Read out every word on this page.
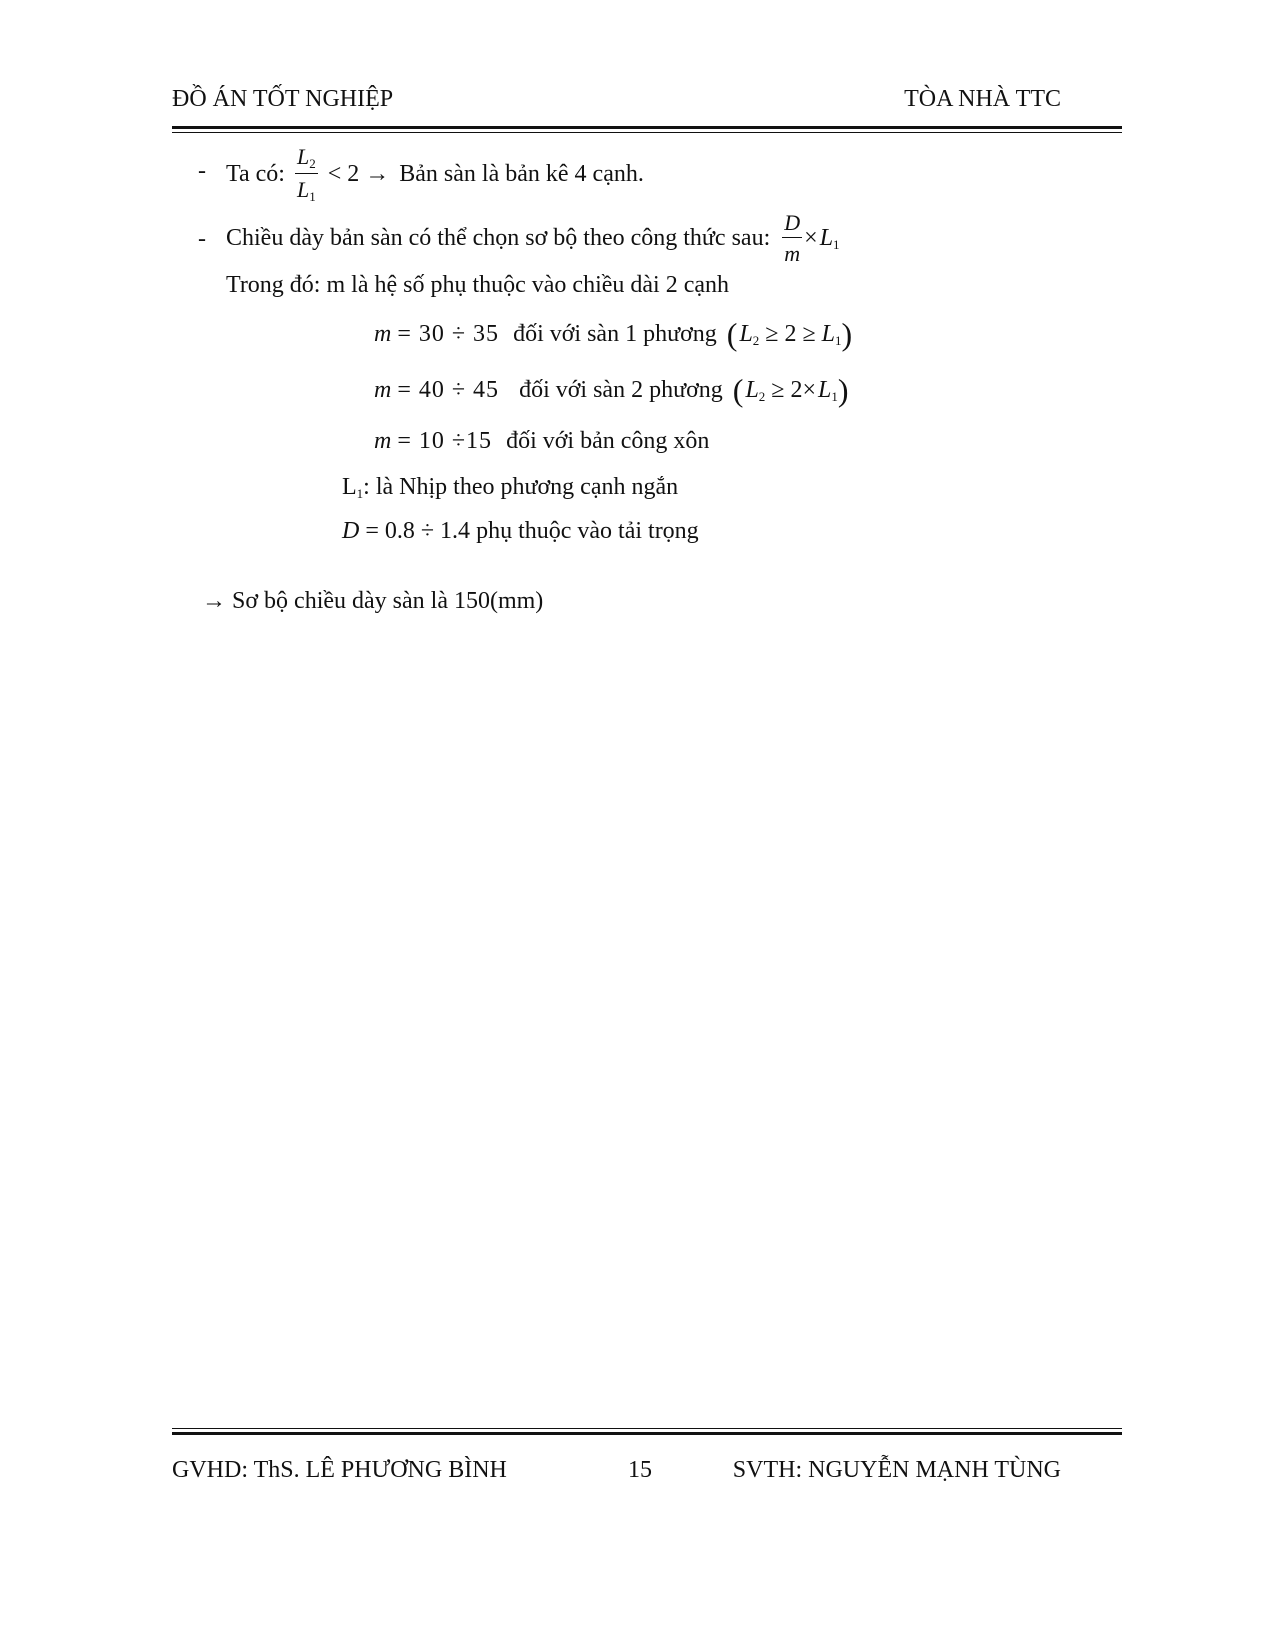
ĐỒ ÁN TỐT NGHIỆP	TÒA NHÀ TTC
- Ta có: $\frac{L_2}{L_1} < 2$ → Bản sàn là bản kê 4 cạnh.
- Chiều dày bản sàn có thể chọn sơ bộ theo công thức sau: $\frac{D}{m} \times L_1$
Trong đó: m là hệ số phụ thuộc vào chiều dài 2 cạnh
m = 30 ÷ 35 đối với sàn 1 phương ( $L_2 \ge 2 \ge L_1$ )
m = 40 ÷ 45 đối với sàn 2 phương ( $L_2 \ge 2\times L_1$ )
m = 10 ÷15 đối với bản công xôn
$L_1$: là Nhịp theo phương cạnh ngắn
D = 0.8 ÷ 1.4 phụ thuộc vào tải trọng
→ Sơ bộ chiều dày sàn là 150(mm)
GVHD: ThS. LÊ PHƯƠNG BÌNH	15	SVTH: NGUYỄN MẠNH TÙNG
